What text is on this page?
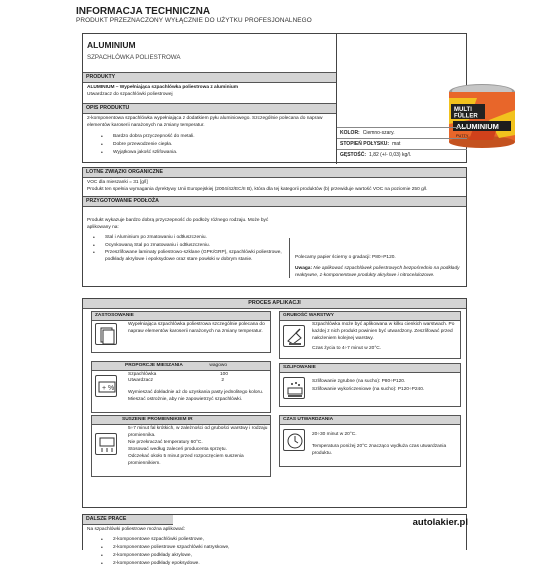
INFORMACJA TECHNICZNA
PRODUKT PRZEZNACZONY WYŁĄCZNIE DO UŻYTKU PROFESJONALNEGO
ALUMINIUM
SZPACHLÓWKA POLIESTROWA
PRODUKTY
ALUMINIUM – Wypełniająca szpachlówka poliestrowa z aluminium
Utwardzacz do szpachlówki poliestrowej
OPIS PRODUKTU
2-komponentowa szpachlówka wypełniająca z dodatkiem pyłu aluminiowego. Szczególnie polecana do napraw elementów karoserii narażonych na zmiany temperatur.
• Bardzo dobra przyczepność do metali.
• Dobre przewodzenie ciepła.
• Wyjątkowa jakość szlifowania.
MULTI
FÜLLER
ALUMINIUM
PUTTY
KOLOR: Ciemno-szary.
STOPIEŃ POŁYSKU: mat
GĘSTOŚĆ: 1,82 (+/- 0,03) kg/l.
LOTNE ZWIĄZKI ORGANICZNE
VOC dla mieszanki = 31 [g/l]
Produkt ten spełnia wymagania dyrektywy Unii Europejskiej (2004/42/EC/II B), która dla tej kategorii produktów (b) przewiduje wartość VOC na poziomie 250 g/l.
PRZYGOTOWANIE PODŁOŻA
Produkt wykazuje bardzo dobrą przyczepność do podłoży różnego rodzaju. Może być aplikowany na:
• Stal i Aluminium po zmatowaniu i odtłuszczeniu.
• Ocynkowaną Stal po zmatowaniu i odtłuszczeniu.
• Przeszlifowane laminaty poliestrowo-szklane (GPK/GRP), szpachlówki poliestrowe, podkłady akrylowe i epoksydowe oraz stare powłoki w dobrym stanie.	Polecamy papier ścierny o gradacji: P80÷P120.
Uwaga: Nie aplikować szpachlówek poliestrowych bezpośrednio na podkłady reaktywne, 1-komponentowe produkty akrylowe i nitrocelulozowe.
PROCES APLIKACJI
ZASTOSOWANIE
Wypełniająca szpachlówka poliestrowa szczególnie polecana do napraw elementów karoserii narażonych na zmiany temperatur.
GRUBOŚĆ WARSTWY
Szpachlówka może być aplikowana w kilku cienkich warstwach. Po każdej z nich produkt powinien być utwardzony. Zeszlifować przed nałożeniem kolejnej warstwy.
Czas życia to 4÷7 minut w 20°C.
PROPORCJE MIESZANIA	wagowo
Szpachlówka	100
Utwardzacz	2
Wymieszać dokładnie aż do uzyskania pasty jednolitego koloru. Mieszać ostrożnie, aby nie zapowietrzyć szpachlówki.
+ %
SZLIFOWANIE
Szlifowanie zgrubne (na sucho): P80÷P120.
Szlifowanie wykończeniowe (na sucho): P120÷P240.
SUSZENIE PROMIENNIKIEM IR
5÷7 minut fal krótkich, w zależności od grubości warstwy i rodzaju promiennika.
Nie przekraczać temperatury 60°C.
Stosować według zaleceń producenta sprzętu.
Odczekać około 5 minut przed rozpoczęciem suszenia promiennikiem.
CZAS UTWARDZANIA
20÷30 minut w 20°C.
Temperatura poniżej 20°C znacząco wydłuża czas utwardzania produktu.
DALSZE PRACE
Na szpachlówki poliestrowe można aplikować:
• 2-komponentowe szpachlówki poliestrowe,
• 2-komponentowe poliestrowe szpachlówki natryskowe,
• 2-komponentowe podkłady akrylowe,
• 2-komponentowe podkłady epoksydowe.
autolakier.pl
